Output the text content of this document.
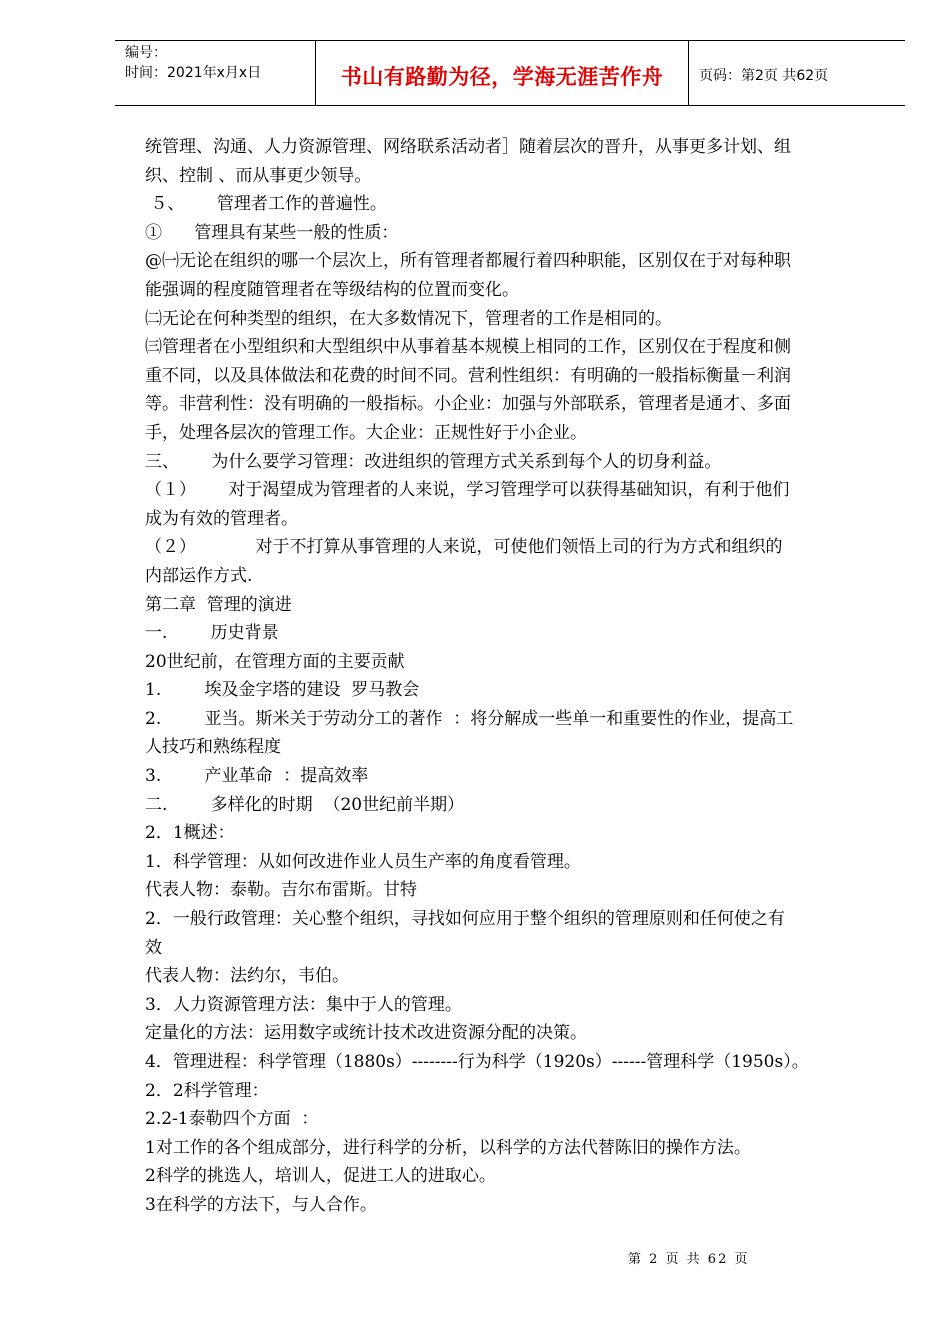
编号：
时间：2021年x月x日	书山有路勤为径，学海无涯苦作舟	页码：第2页 共62页

统管理、沟通、人力资源管理、网络联系活动者］随着层次的晋升，从事更多计划、组

织、控制 、而从事更少领导。

５、      管理者工作的普遍性。

①      管理具有某些一般的性质：

@㈠无论在组织的哪一个层次上，所有管理者都履行着四种职能，区别仅在于对每种职

能强调的程度随管理者在等级结构的位置而变化。

㈡无论在何种类型的组织，在大多数情况下，管理者的工作是相同的。

㈢管理者在小型组织和大型组织中从事着基本规模上相同的工作，区别仅在于程度和侧

重不同，以及具体做法和花费的时间不同。营利性组织：有明确的一般指标衡量－利润

等。非营利性：没有明确的一般指标。小企业：加强与外部联系，管理者是通才、多面

手，处理各层次的管理工作。大企业：正规性好于小企业。

三、      为什么要学习管理：改进组织的管理方式关系到每个人的切身利益。

（１）      对于渴望成为管理者的人来说，学习管理学可以获得基础知识，有利于他们

成为有效的管理者。

（２）           对于不打算从事管理的人来说，可使他们领悟上司的行为方式和组织的

内部运作方式.

第二章  管理的演进

一.        历史背景

20世纪前，在管理方面的主要贡献

1.        埃及金字塔的建设  罗马教会

2.        亚当。斯米关于劳动分工的著作  ：将分解成一些单一和重要性的作业，提高工

人技巧和熟练程度

3.        产业革命  ：提高效率

二.        多样化的时期  （20世纪前半期）

2．1概述：

1．科学管理：从如何改进作业人员生产率的角度看管理。

代表人物：泰勒。吉尔布雷斯。甘特

2．一般行政管理：关心整个组织，寻找如何应用于整个组织的管理原则和任何使之有

效

代表人物：法约尔，韦伯。

3．人力资源管理方法：集中于人的管理。

定量化的方法：运用数字或统计技术改进资源分配的决策。

4．管理进程：科学管理（1880s）--------行为科学（1920s）------管理科学（1950s）。

2．2科学管理：

2.2-1泰勒四个方面  ：

1对工作的各个组成部分，进行科学的分析，以科学的方法代替陈旧的操作方法。

2科学的挑选人，培训人，促进工人的进取心。

3在科学的方法下，与人合作。

第 2 页 共 62 页
